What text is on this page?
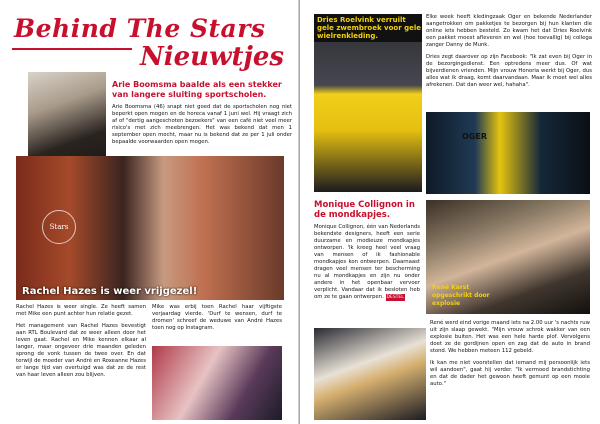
Behind The Stars
Nieuwtjes
Arie Boomsma baalde als een stekker van langere sluiting sportscholen.
Arie Boomsma (46) snapt niet goed dat de sportscholen nog niet beperkt open mogen en de horeca vanaf 1 juni wel. Hij vraagt zich af of "dertig aangeschoten bezoekers" van een café niet veel meer risico's met zich meebrengen. Het was bekend dat men 1 september open mocht, maar nu is bekend dat ze per 1 juli onder bepaalde voorwaarden open mogen.
Stars
Rachel Hazes is weer vrijgezel!

Rachel Hazes is weer single. Ze heeft samen met Mike een punt achter hun relatie gezet.

Het management van Rachel Hazes bevestigt aan RTL Boulevard dat ze weer alleen door het leven gaat. Rachel en Mike kennen elkaar al langer, maar ongeveer drie maanden geleden sprong de vonk tussen de twee over. En dat terwijl de moeder van André en Roxeanne Hazes er lange tijd van overtuigd was dat ze de rest van haar leven alleen zou blijven.

Mike was erbij toen Rachel haar vijftigste verjaardag vierde. 'Durf te wensen, durf te dromen' schreef de weduwe van André Hazes toen nog op Instagram.
Dries Roelvink verruilt gele zwembroek voor gele wielrenkleding.

Elke week heeft kledingzaak Oger en bekende Nederlander aangetrokken om pakketjes te bezorgen bij hun klanten die online iets hebben besteld. Zo kwam het dat Dries Roelvink een pakket moest afleveren en wel (hoe toevallig) bij collega zanger Danny de Munk.

Dries zegt daarover op zijn Facebook: "Ik zat even bij Oger in de bezorgingsdienst. Een optredens meer dus. Of wat bijverdienen vrienden. Mijn vrouw Honoria werkt bij Oger, dus alles wat ik draag, komt daarvandaan. Maar ik moet wel alles afrekenen. Dat dan weer wel, hahaha".

OGER
Monique Collignon in de mondkapjes.
Monique Collignon, één van Nederlands bekendste designers, heeft een serie duurzame en modieuze mondkapjes ontworpen. 'Ik kreeg heel veel vraag van mensen of ik fashionable mondkapjes kon ontwerpen. Daarnaast dragen veel mensen ter bescherming nu al mondkapjes en zijn nu onder andere in het openbaar vervoer verplicht. Vandaar dat ik besloten heb om ze te gaan ontwerpen. DESTEL
René Karst opgeschrikt door explosie

René werd eind vorige maand iets na 2.00 uur 's nachts ruw uit zijn slaap gewekt. "Mijn vrouw schrok wakker van een explosie buiten. Het was een hele harde plof. Vervolgens doet ze de gordijnen open en zag dat de auto in brand stond. We hebben meteen 112 gebeld.

Ik kan me niet voorstellen dat iemand mij persoonlijk iets wil aandoen", gaat hij verder. "Ik vermoed brandstichting en dat de dader het gewoon heeft gemunt op een mooie auto."
